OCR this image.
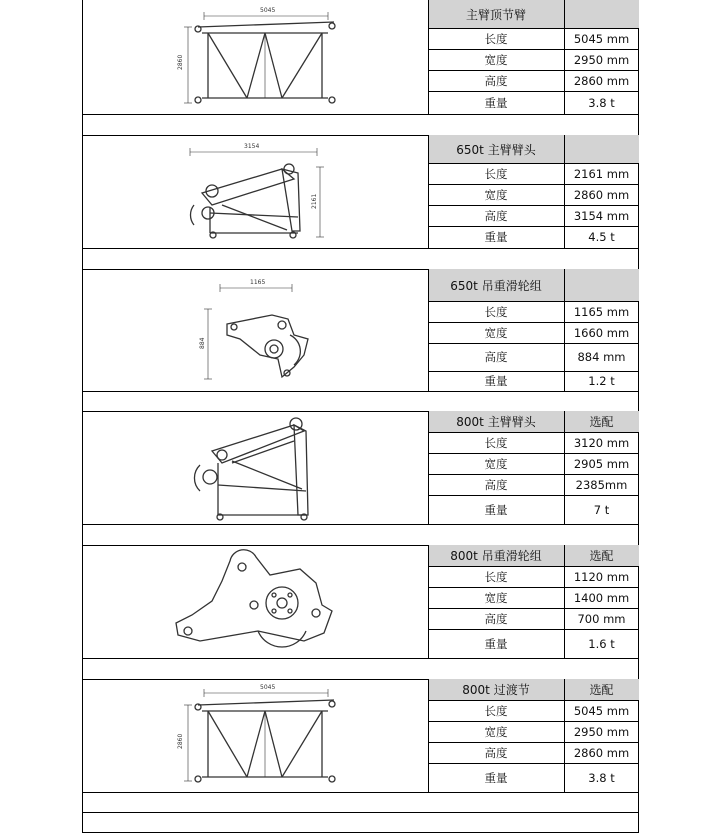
5045
2860
主臂顶节臂
长度	5045 mm
宽度	2950 mm
高度	2860 mm
重量	3.8 t
3154
2161
650t 主臂臂头
长度	2161 mm
宽度	2860 mm
高度	3154 mm
重量	4.5 t
1165
884
650t 吊重滑轮组
长度	1165 mm
宽度	1660 mm
高度	884 mm
重量	1.2 t
800t 主臂臂头	选配
长度	3120 mm
宽度	2905 mm
高度	2385mm
重量	7 t
800t 吊重滑轮组	选配
长度	1120 mm
宽度	1400 mm
高度	700 mm
重量	1.6 t
5045
2860
800t 过渡节	选配
长度	5045 mm
宽度	2950 mm
高度	2860 mm
重量	3.8 t
